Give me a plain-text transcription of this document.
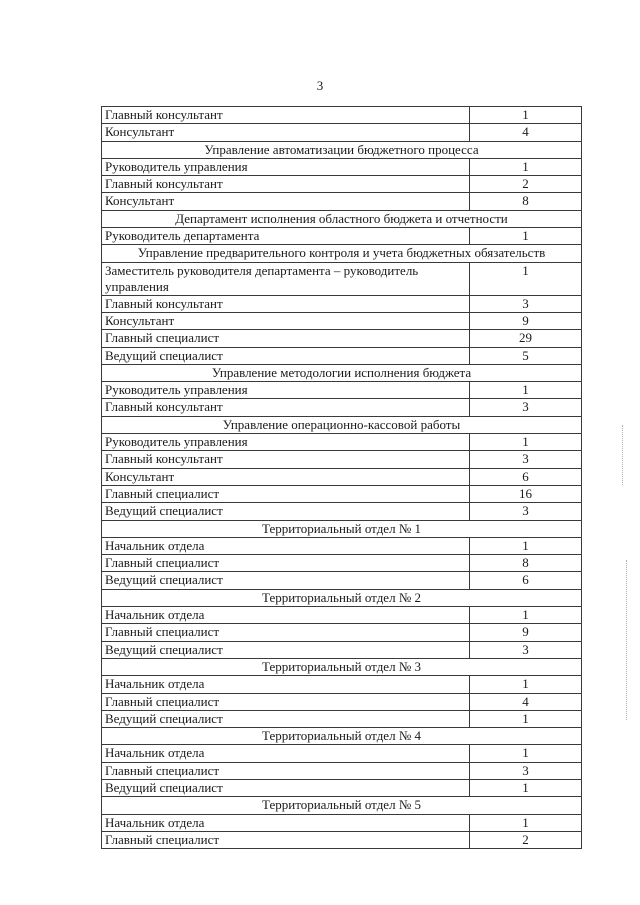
3
Главный консультант	1
Консультант	4
Управление автоматизации бюджетного процесса	
Руководитель управления	1
Главный консультант	2
Консультант	8
Департамент исполнения областного бюджета и отчетности	
Руководитель департамента	1
Управление предварительного контроля и учета бюджетных обязательств	
Заместитель руководителя департамента – руководитель управления	1
Главный консультант	3
Консультант	9
Главный специалист	29
Ведущий специалист	5
Управление методологии исполнения бюджета	
Руководитель управления	1
Главный консультант	3
Управление операционно-кассовой работы	
Руководитель управления	1
Главный консультант	3
Консультант	6
Главный специалист	16
Ведущий специалист	3
Территориальный отдел № 1	
Начальник отдела	1
Главный специалист	8
Ведущий специалист	6
Территориальный отдел № 2	
Начальник отдела	1
Главный специалист	9
Ведущий специалист	3
Территориальный отдел № 3	
Начальник отдела	1
Главный специалист	4
Ведущий специалист	1
Территориальный отдел № 4	
Начальник отдела	1
Главный специалист	3
Ведущий специалист	1
Территориальный отдел № 5	
Начальник отдела	1
Главный специалист	2
